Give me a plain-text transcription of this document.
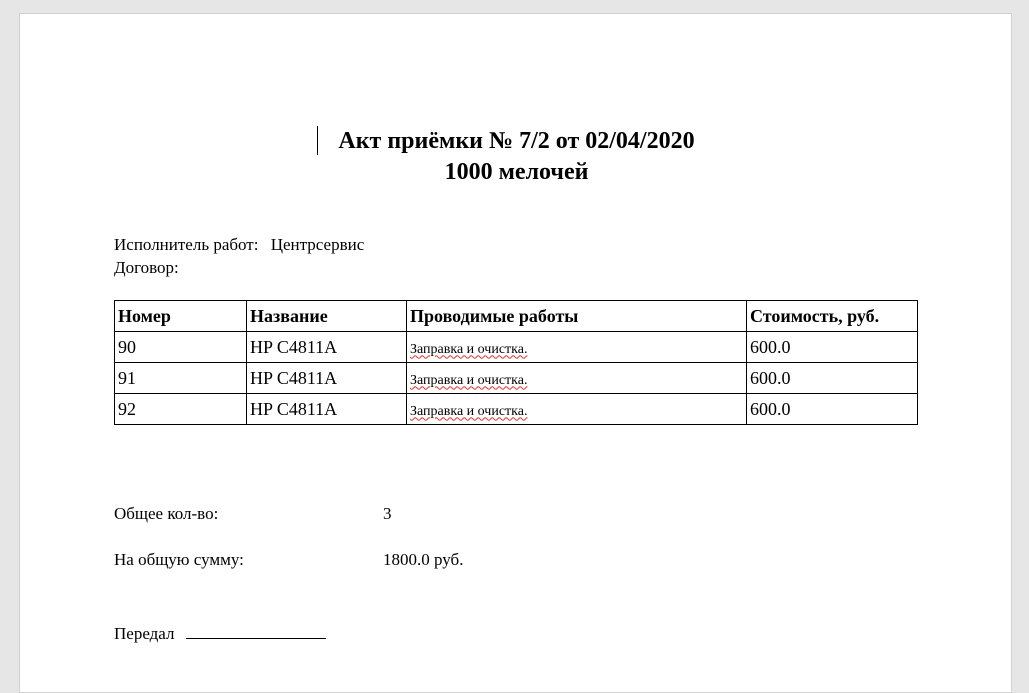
Акт приёмки № 7/2 от 02/04/2020
1000 мелочей
Исполнитель работ: Центрсервис
Договор:
Номер	Название	Проводимые работы	Стоимость, руб.
90	HP C4811A	Заправка и очистка.	600.0
91	HP C4811A	Заправка и очистка.	600.0
92	HP C4811A	Заправка и очистка.	600.0
Общее кол-во:	3
На общую сумму:	1800.0 руб.
Передал
